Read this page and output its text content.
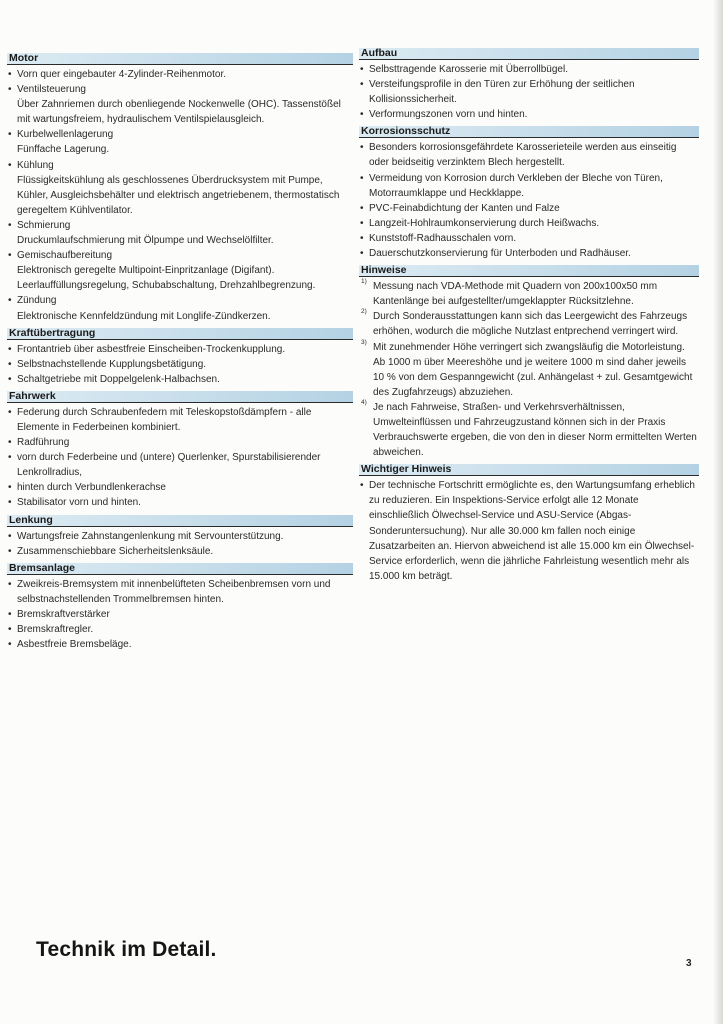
Motor
• Vorn quer eingebauter 4-Zylinder-Reihenmotor.
• Ventilsteuerung
Über Zahnriemen durch obenliegende Nockenwelle (OHC). Tassenstößel mit wartungsfreiem, hydraulischem Ventilspielausgleich.
• Kurbelwellenlagerung
Fünffache Lagerung.
• Kühlung
Flüssigkeitskühlung als geschlossenes Überdrucksystem mit Pumpe, Kühler, Ausgleichsbehälter und elektrisch angetriebenem, thermostatisch geregeltem Kühlventilator.
• Schmierung
Druckumlaufschmierung mit Ölpumpe und Wechselölfilter.
• Gemischaufbereitung
Elektronisch geregelte Multipoint-Einpritzanlage (Digifant). Leerlauffüllungsregelung, Schubabschaltung, Drehzahlbegrenzung.
• Zündung
Elektronische Kennfeldzündung mit Longlife-Zündkerzen.
Kraftübertragung
• Frontantrieb über asbestfreie Einscheiben-Trockenkupplung.
• Selbstnachstellende Kupplungsbetätigung.
• Schaltgetriebe mit Doppelgelenk-Halbachsen.
Fahrwerk
• Federung durch Schraubenfedern mit Teleskopstoßdämpfern - alle Elemente in Federbeinen kombiniert.
• Radführung
• vorn durch Federbeine und (untere) Querlenker, Spurstabilisierender Lenkrollradius,
• hinten durch Verbundlenkerachse
• Stabilisator vorn und hinten.
Lenkung
• Wartungsfreie Zahnstangenlenkung mit Servounterstützung.
• Zusammenschiebbare Sicherheitslenksäule.
Bremsanlage
• Zweikreis-Bremsystem mit innenbelüfteten Scheibenbremsen vorn und selbstnachstellenden Trommelbremsen hinten.
• Bremskraftverstärker
• Bremskraftregler.
• Asbestfreie Bremsbeläge.
Aufbau
• Selbsttragende Karosserie mit Überrollbügel.
• Versteifungsprofile in den Türen zur Erhöhung der seitlichen Kollisionssicherheit.
• Verformungszonen vorn und hinten.
Korrosionsschutz
• Besonders korrosionsgefährdete Karosserieteile werden aus einseitig oder beidseitig verzinktem Blech hergestellt.
• Vermeidung von Korrosion durch Verkleben der Bleche von Türen, Motorraumklappe und Heckklappe.
• PVC-Feinabdichtung der Kanten und Falze
• Langzeit-Hohlraumkonservierung durch Heißwachs.
• Kunststoff-Radhausschalen vorn.
• Dauerschutzkonservierung für Unterboden und Radhäuser.
Hinweise
1) Messung nach VDA-Methode mit Quadern von 200x100x50 mm Kantenlänge bei aufgestellter/umgeklappter Rücksitzlehne.
2) Durch Sonderausstattungen kann sich das Leergewicht des Fahrzeugs erhöhen, wodurch die mögliche Nutzlast entprechend verringert wird.
3) Mit zunehmender Höhe verringert sich zwangsläufig die Motorleistung. Ab 1000 m über Meereshöhe und je weitere 1000 m sind daher jeweils 10 % von dem Gespanngewicht (zul. Anhängelast + zul. Gesamtgewicht des Zugfahrzeugs) abzuziehen.
4) Je nach Fahrweise, Straßen- und Verkehrsverhältnissen, Umwelteinflüssen und Fahrzeugzustand können sich in der Praxis Verbrauchswerte ergeben, die von den in dieser Norm ermittelten Werten abweichen.
Wichtiger Hinweis
• Der technische Fortschritt ermöglichte es, den Wartungsumfang erheblich zu reduzieren. Ein Inspektions-Service erfolgt alle 12 Monate einschließlich Ölwechsel-Service und ASU-Service (Abgas-Sonderuntersuchung). Nur alle 30.000 km fallen noch einige Zusatzarbeiten an. Hiervon abweichend ist alle 15.000 km ein Ölwechsel-Service erforderlich, wenn die jährliche Fahrleistung wesentlich mehr als 15.000 km beträgt.
Technik im Detail.
3
